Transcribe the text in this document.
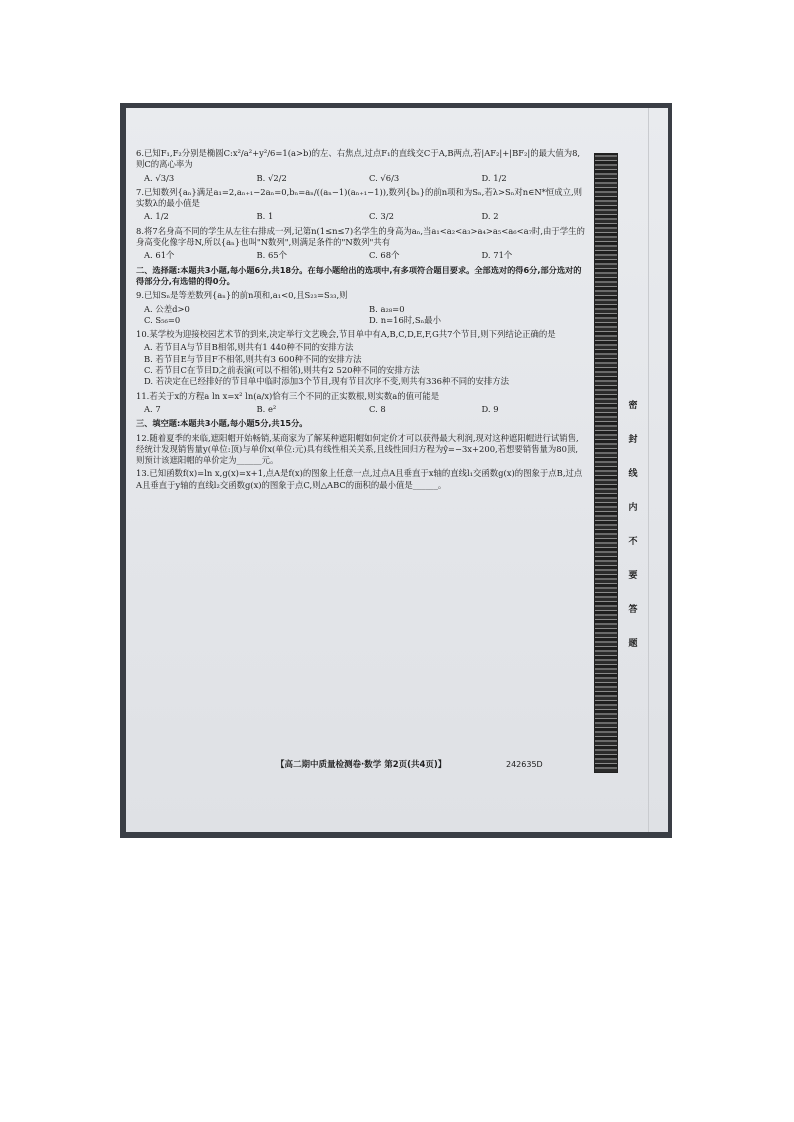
密
封
线
内
不
要
答
题
6.已知F₁,F₂分别是椭圆C:x²/a²+y²/6=1(a>b)的左、右焦点,过点F₁的直线交C于A,B两点,若|AF₂|+|BF₂|的最大值为8,则C的离心率为
A. √3/3	B. √2/2	C. √6/3	D. 1/2
7.已知数列{aₙ}满足a₁=2,aₙ₊₁−2aₙ=0,bₙ=aₙ/((aₙ−1)(aₙ₊₁−1)),数列{bₙ}的前n项和为Sₙ,若λ>Sₙ对n∈N*恒成立,则实数λ的最小值是
A. 1/2	B. 1	C. 3/2	D. 2
8.将7名身高不同的学生从左往右排成一列,记第n(1≤n≤7)名学生的身高为aₙ,当a₁<a₂<a₃>a₄>a₅<a₆<a₇时,由于学生的身高变化像字母N,所以{aₙ}也叫"N数列",则满足条件的"N数列"共有
A. 61个	B. 65个	C. 68个	D. 71个
二、选择题:本题共3小题,每小题6分,共18分。在每小题给出的选项中,有多项符合题目要求。全部选对的得6分,部分选对的得部分分,有选错的得0分。
9.已知Sₙ是等差数列{aₙ}的前n项和,a₁<0,且S₂₃=S₃₃,则
A. 公差d>0	B. a₂₈=0
C. S₅₆=0	D. n=16时,Sₙ最小
10.某学校为迎接校园艺术节的到来,决定举行文艺晚会,节目单中有A,B,C,D,E,F,G共7个节目,则下列结论正确的是
A. 若节目A与节目B相邻,则共有1 440种不同的安排方法
B. 若节目E与节目F不相邻,则共有3 600种不同的安排方法
C. 若节目C在节目D之前表演(可以不相邻),则共有2 520种不同的安排方法
D. 若决定在已经排好的节目单中临时添加3个节目,现有节目次序不变,则共有336种不同的安排方法
11.若关于x的方程a ln x=x² ln(a/x)恰有三个不同的正实数根,则实数a的值可能是
A. 7	B. e²	C. 8	D. 9
三、填空题:本题共3小题,每小题5分,共15分。
12.随着夏季的来临,遮阳帽开始畅销,某商家为了解某种遮阳帽如何定价才可以获得最大利润,现对这种遮阳帽进行试销售,经统计发现销售量y(单位:顶)与单价x(单位:元)具有线性相关关系,且线性回归方程为ŷ=−3x+200,若想要销售量为80顶,则预计该遮阳帽的单价定为______元。
13.已知函数f(x)=ln x,g(x)=x+1,点A是f(x)的图象上任意一点,过点A且垂直于x轴的直线l₁交函数g(x)的图象于点B,过点A且垂直于y轴的直线l₂交函数g(x)的图象于点C,则△ABC的面积的最小值是______。
【高二期中质量检测卷·数学 第2页(共4页)】	242635D
